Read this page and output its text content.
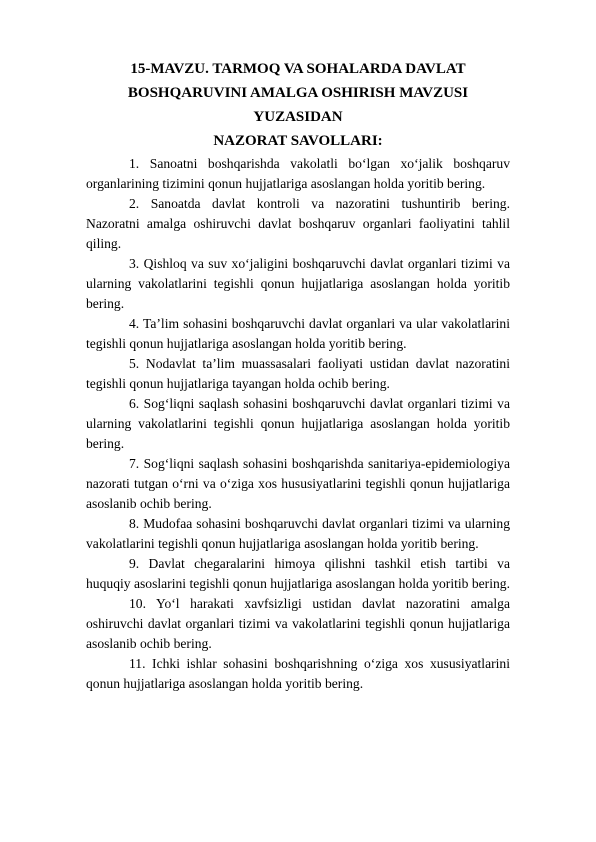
15-MAVZU. TARMOQ VA SOHALARDA DAVLAT
BOSHQARUVINI AMALGA OSHIRISH MAVZUSI YUZASIDAN
NAZORAT SAVOLLARI:
1. Sanoatni boshqarishda vakolatli bo‘lgan xo‘jalik boshqaruv organlarining tizimini qonun hujjatlariga asoslangan holda yoritib bering.
2. Sanoatda davlat kontroli va nazoratini tushuntirib bering. Nazoratni amalga oshiruvchi davlat boshqaruv organlari faoliyatini tahlil qiling.
3. Qishloq va suv xo‘jaligini boshqaruvchi davlat organlari tizimi va ularning vakolatlarini tegishli qonun hujjatlariga asoslangan holda yoritib bering.
4. Ta’lim sohasini boshqaruvchi davlat organlari va ular vakolatlarini tegishli qonun hujjatlariga asoslangan holda yoritib bering.
5. Nodavlat ta’lim muassasalari faoliyati ustidan davlat nazoratini tegishli qonun hujjatlariga tayangan holda ochib bering.
6. Sog‘liqni saqlash sohasini boshqaruvchi davlat organlari tizimi va ularning vakolatlarini tegishli qonun hujjatlariga asoslangan holda yoritib bering.
7. Sog‘liqni saqlash sohasini boshqarishda sanitariya-epidemiologiya nazorati tutgan o‘rni va o‘ziga xos hususiyatlarini tegishli qonun hujjatlariga asoslanib ochib bering.
8. Mudofaa sohasini boshqaruvchi davlat organlari tizimi va ularning vakolatlarini tegishli qonun hujjatlariga asoslangan holda yoritib bering.
9. Davlat chegaralarini himoya qilishni tashkil etish tartibi va huquqiy asoslarini tegishli qonun hujjatlariga asoslangan holda yoritib bering.
10. Yo‘l harakati xavfsizligi ustidan davlat nazoratini amalga oshiruvchi davlat organlari tizimi va vakolatlarini tegishli qonun hujjatlariga asoslanib ochib bering.
11. Ichki ishlar sohasini boshqarishning o‘ziga xos xususiyatlarini qonun hujjatlariga asoslangan holda yoritib bering.
